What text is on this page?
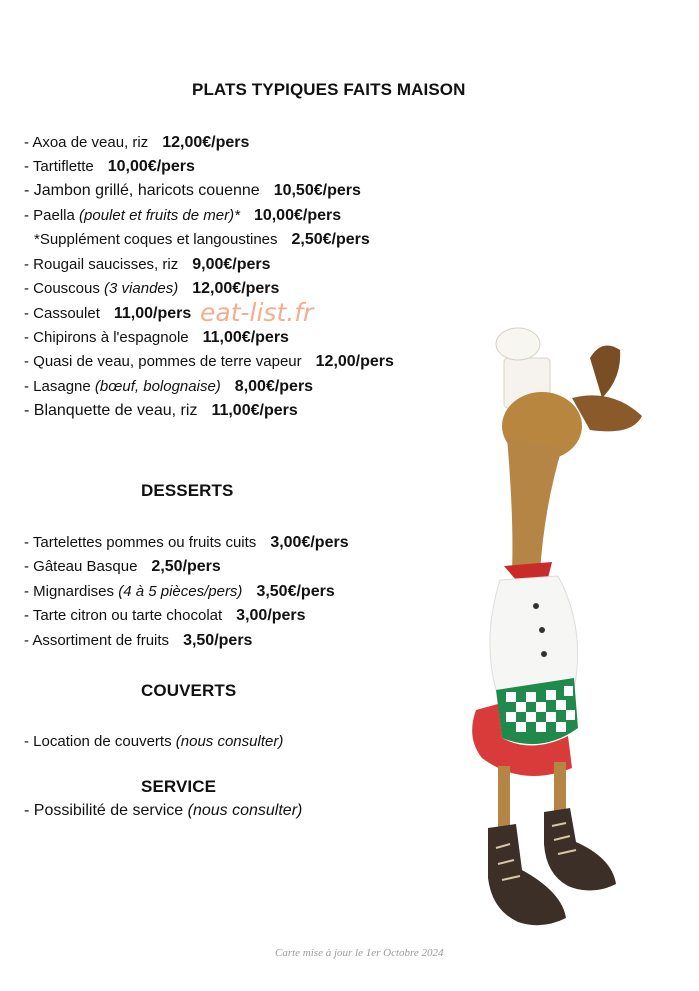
PLATS TYPIQUES FAITS MAISON
- Axoa de veau, riz 12,00€/pers
- Tartiflette 10,00€/pers
- Jambon grillé, haricots couenne 10,50€/pers
- Paella (poulet et fruits de mer)* 10,00€/pers
*Supplément coques et langoustines 2,50€/pers
- Rougail saucisses, riz 9,00€/pers
- Couscous (3 viandes) 12,00€/pers
- Cassoulet 11,00/pers
- Chipirons à l'espagnole 11,00€/pers
- Quasi de veau, pommes de terre vapeur 12,00/pers
- Lasagne (bœuf, bolognaise) 8,00€/pers
- Blanquette de veau, riz 11,00€/pers
eat-list.fr
DESSERTS
- Tartelettes pommes ou fruits cuits 3,00€/pers
- Gâteau Basque 2,50/pers
- Mignardises (4 à 5 pièces/pers) 3,50€/pers
- Tarte citron ou tarte chocolat 3,00/pers
- Assortiment de fruits 3,50/pers
COUVERTS
- Location de couverts (nous consulter)
SERVICE
- Possibilité de service (nous consulter)
Carte mise à jour le 1er Octobre 2024
